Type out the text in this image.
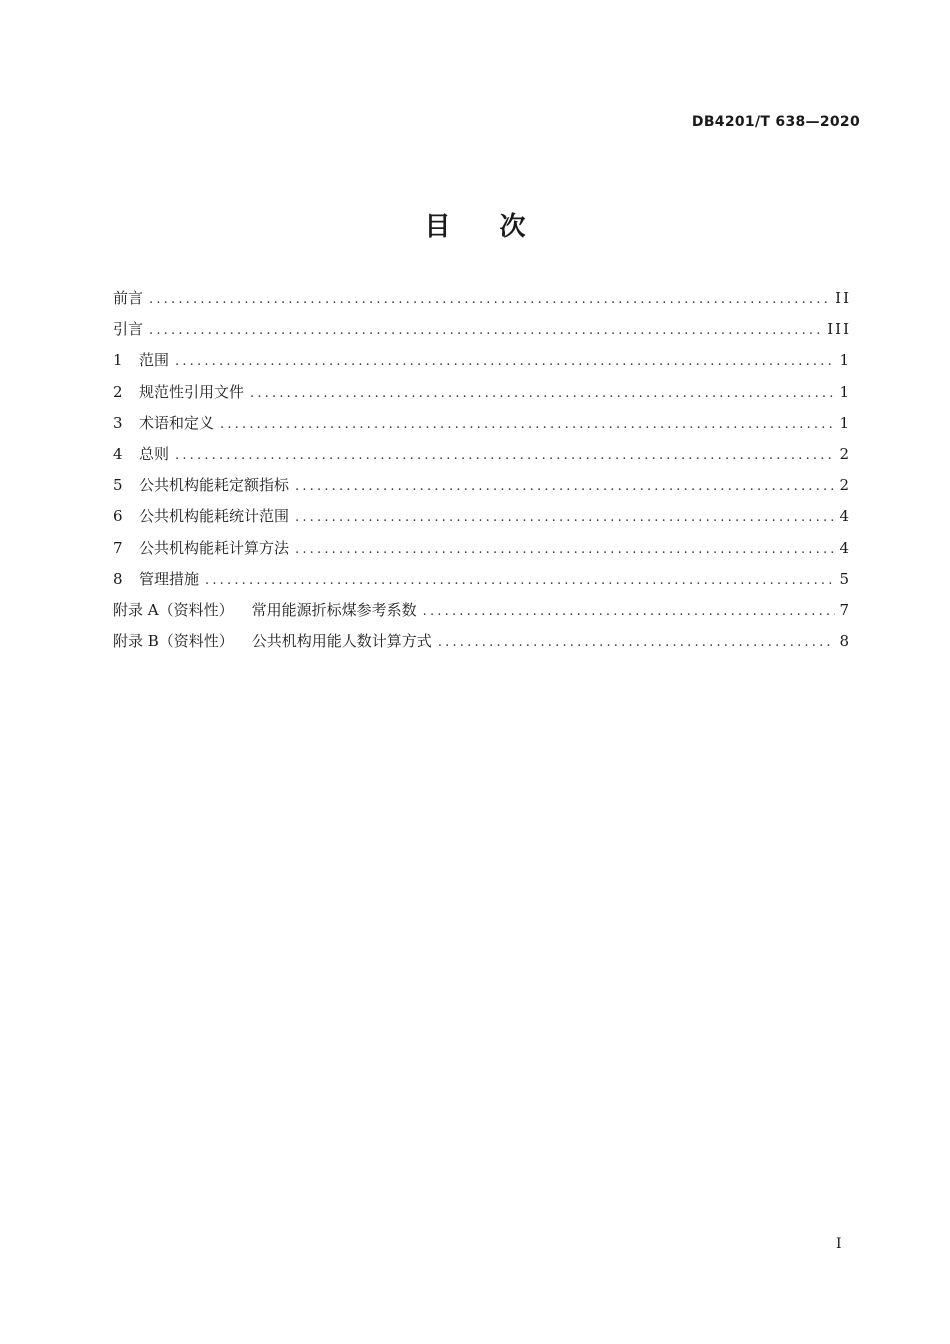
DB4201/T 638—2020
目 次
前言 .....	II
引言 .....	III
1	范围 .....	1
2	规范性引用文件 .....	1
3	术语和定义 .....	1
4	总则 .....	2
5	公共机构能耗定额指标 .....	2
6	公共机构能耗统计范围 .....	4
7	公共机构能耗计算方法 .....	4
8	管理措施 .....	5
附录 A（资料性） 常用能源折标煤参考系数 .....	7
附录 B（资料性） 公共机构用能人数计算方式 .....	8
I
